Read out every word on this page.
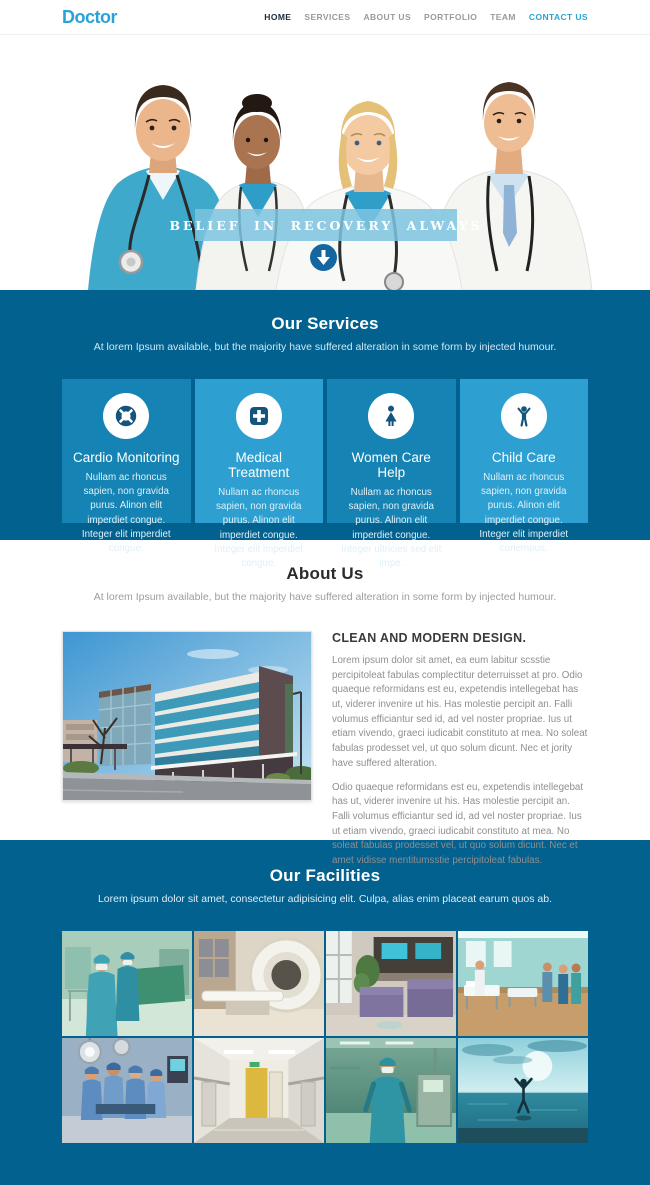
Doctor	HOME SERVICES ABOUT US PORTFOLIO TEAM CONTACT US
BELIEF IN RECOVERY ALWAYS
Our Services
At lorem Ipsum available, but the majority have suffered alteration in some form by injected humour.
Cardio Monitoring
Nullam ac rhoncus sapien, non gravida purus. Alinon elit imperdiet congue. Integer elit imperdiet congue.
Medical Treatment
Nullam ac rhoncus sapien, non gravida purus. Alinon elit imperdiet congue. Integer elit imperdiet congue.
Women Care Help
Nullam ac rhoncus sapien, non gravida purus. Alinon elit imperdiet congue. Integer ultricies sed elit impe.
Child Care
Nullam ac rhoncus sapien, non gravida purus. Alinon elit imperdiet congue. Integer elit imperdiet conempus.
About Us
At lorem Ipsum available, but the majority have suffered alteration in some form by injected humour.
CLEAN AND MODERN DESIGN.
Lorem ipsum dolor sit amet, ea eum labitur scsstie percipitoleat fabulas complectitur deterruisset at pro. Odio quaeque reformidans est eu, expetendis intellegebat has ut, viderer invenire ut his. Has molestie percipit an. Falli volumus efficiantur sed id, ad vel noster propriae. Ius ut etiam vivendo, graeci iudicabit constituto at mea. No soleat fabulas prodesset vel, ut quo solum dicunt. Nec et jority have suffered alteration.
Odio quaeque reformidans est eu, expetendis intellegebat has ut, viderer invenire ut his. Has molestie percipit an. Falli volumus efficiantur sed id, ad vel noster propriae. Ius ut etiam vivendo, graeci iudicabit constituto at mea. No soleat fabulas prodesset vel, ut quo solum dicunt. Nec et amet vidisse mentitumsstie percipitoleat fabulas.
Our Facilities
Lorem ipsum dolor sit amet, consectetur adipisicing elit. Culpa, alias enim placeat earum quos ab.
